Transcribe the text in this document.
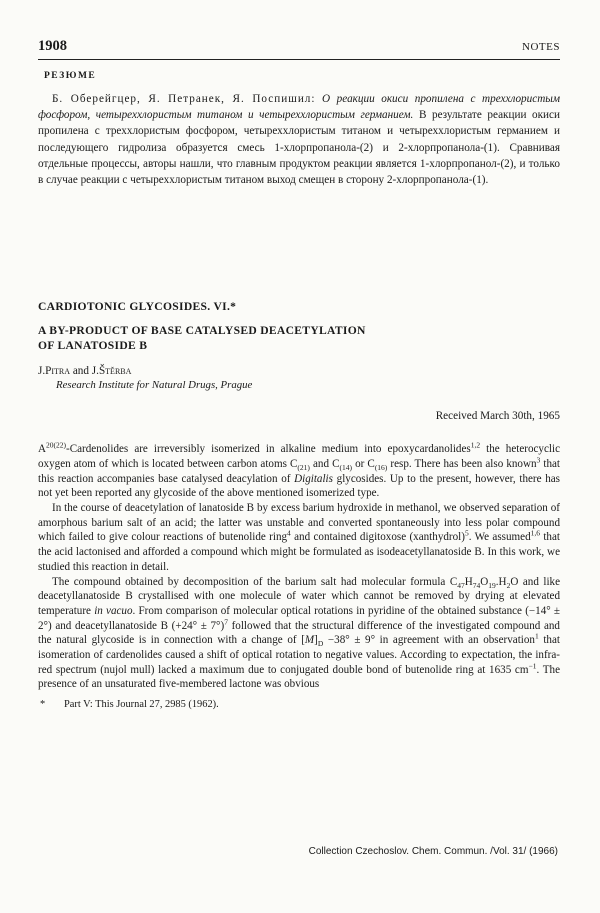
1908	NOTES
РЕЗЮМЕ
Б. Оберейгцер, Я. Петранек, Я. Поспишил: О реакции окиси пропилена с треххлористым фосфором, четыреххлористым титаном и четыреххлористым германием. В результате реакции окиси пропилена с треххлористым фосфором, четыреххлористым титаном и четыреххлористым германием и последующего гидролиза образуется смесь 1-хлорпропанола-(2) и 2-хлорпропанола-(1). Сравнивая отдельные процессы, авторы нашли, что главным продуктом реакции является 1-хлорпропанол-(2), и только в случае реакции с четыреххлористым титаном выход смещен в сторону 2-хлорпропанола-(1).
CARDIOTONIC GLYCOSIDES. VI.*
A BY-PRODUCT OF BASE CATALYSED DEACETYLATION
OF LANATOSIDE B
J.Pitra and J.Štěrba
Research Institute for Natural Drugs, Prague
Received March 30th, 1965

$A^{20(22)}$-Cardenolides are irreversibly isomerized in alkaline medium into epoxycardanolides$^{1,2}$ the heterocyclic oxygen atom of which is located between carbon atoms $C_{(21)}$ and $C_{(14)}$ or $C_{(16)}$ resp. There has been also known$^3$ that this reaction accompanies base catalysed deacylation of Digitalis glycosides. Up to the present, however, there has not yet been reported any glycoside of the above mentioned isomerized type.

In the course of deacetylation of lanatoside B by excess barium hydroxide in methanol, we observed separation of amorphous barium salt of an acid; the latter was unstable and converted spontaneously into less polar compound which failed to give colour reactions of butenolide ring$^4$ and contained digitoxose (xanthydrol)$^5$. We assumed$^{1,6}$ that the acid lactonised and afforded a compound which might be formulated as isodeacetyllanatoside B. In this work, we studied this reaction in detail.

The compound obtained by decomposition of the barium salt had molecular formula $C_{47}H_{74}O_{19}.H_2O$ and like deacetyllanatoside B crystallised with one molecule of water which cannot be removed by drying at elevated temperature in vacuo. From comparison of molecular optical rotations in pyridine of the obtained substance (−14° ± 2°) and deacetyllanatoside B $(+24^\circ \pm 7^\circ)^7$ followed that the structural difference of the investigated compound and the natural glycoside is in connection with a change of $[M]_D -38^\circ \pm 9^\circ$ in agreement with an observation$^1$ that isomeration of cardenolides caused a shift of optical rotation to negative values. According to expectation, the infra-red spectrum (nujol mull) lacked a maximum due to conjugated double bond of butenolide ring at 1635 $cm^{-1}$. The presence of an unsaturated five-membered lactone was obvious

*	Part V: This Journal 27, 2985 (1962).
Collection Czechoslov. Chem. Commun. /Vol. 31/ (1966)
